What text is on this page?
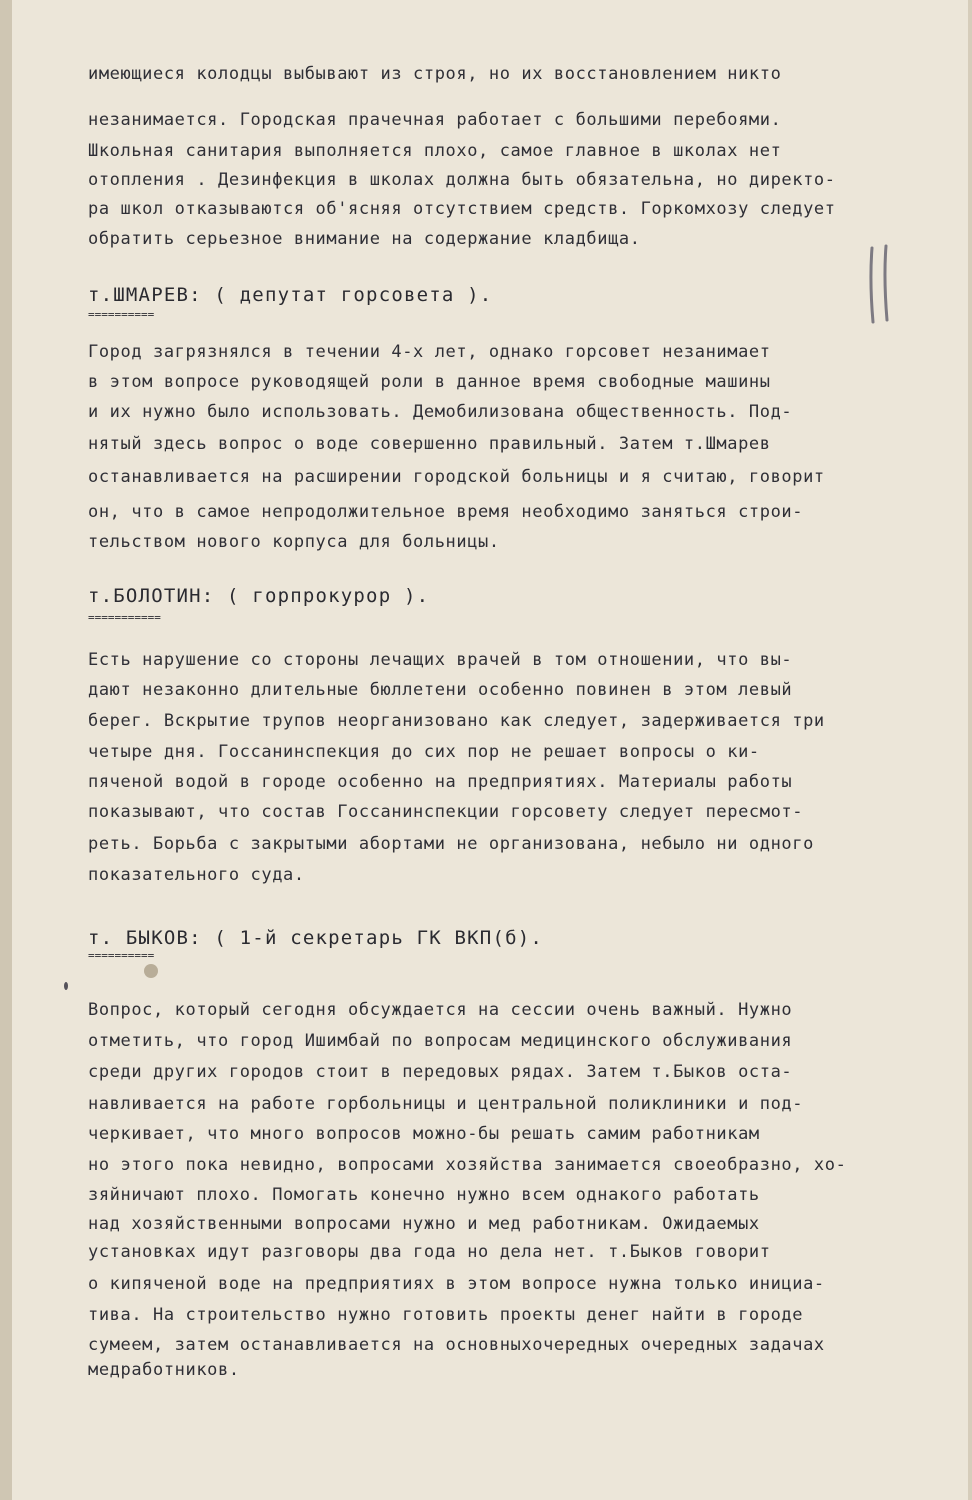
имеющиеся колодцы выбывают из строя, но их восстановлением никто
незанимается. Городская прачечная работает с большими перебоями.
Школьная санитария выполняется плохо, самое главное в школах нет
отопления . Дезинфекция в школах должна быть обязательна, но директо-
ра школ отказываются об'ясняя отсутствием средств. Горкомхозу следует
обратить серьезное внимание на содержание кладбища.
т.ШМАРЕВ: ( депутат горсовета ).
==========
Город загрязнялся в течении 4-х лет, однако горсовет незанимает
в этом вопросе руководящей роли в данное время свободные машины
и их нужно было использовать. Демобилизована общественность. Под-
нятый здесь вопрос о воде совершенно правильный. Затем т.Шмарев
останавливается на расширении городской больницы и я считаю, говорит
он, что в самое непродолжительное время необходимо заняться строи-
тельством нового корпуса для больницы.
т.БОЛОТИН: ( горпрокурор ).
===========
Есть нарушение со стороны лечащих врачей в том отношении, что вы-
дают незаконно длительные бюллетени особенно повинен в этом левый
берег. Вскрытие трупов неорганизовано как следует, задерживается три
четыре дня. Госсанинспекция до сих пор не решает вопросы о ки-
пяченой водой в городе особенно на предприятиях. Материалы работы
показывают, что состав Госсанинспекции горсовету следует пересмот-
реть. Борьба с закрытыми абортами не организована, небыло ни одного
показательного суда.
т. БЫКОВ: ( 1-й секретарь ГК ВКП(б).
==========
Вопрос, который сегодня обсуждается на сессии очень важный. Нужно
отметить, что город Ишимбай по вопросам медицинского обслуживания
среди других городов стоит в передовых рядах. Затем т.Быков оста-
навливается на работе горбольницы и центральной поликлиники и под-
черкивает, что много вопросов можно-бы решать самим работникам
но этого пока невидно, вопросами хозяйства занимается своеобразно, хо-
зяйничают плохо. Помогать конечно нужно всем однакого работать
над хозяйственными вопросами нужно и мед работникам. Ожидаемых
установках идут разговоры два года но дела нет. т.Быков говорит
о кипяченой воде на предприятиях в этом вопросе нужна только инициа-
тива. На строительство нужно готовить проекты денег найти в городе
сумеем, затем останавливается на основныхочередных очередных задачах
медработников.
